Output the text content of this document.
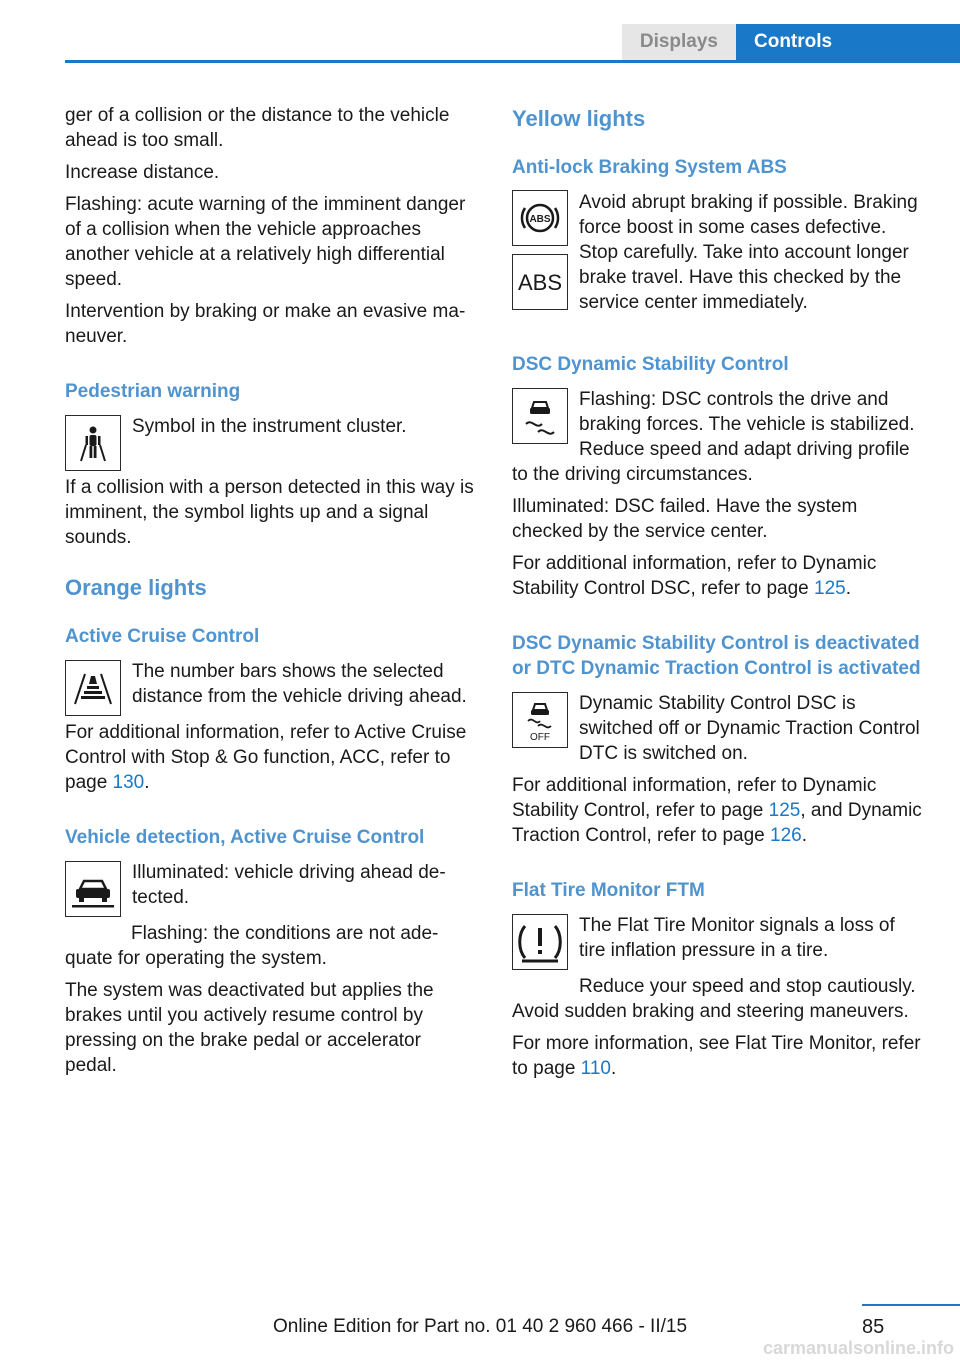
Displays	Controls

ger of a collision or the distance to the vehicle ahead is too small.

Increase distance.

Flashing: acute warning of the imminent danger of a collision when the vehicle approaches another vehicle at a relatively high differential speed.

Intervention by braking or make an evasive maneuver.

Pedestrian warning

Symbol in the instrument cluster.

If a collision with a person detected in this way is imminent, the symbol lights up and a signal sounds.

Orange lights
Active Cruise Control

The number bars shows the selected distance from the vehicle driving ahead.

For additional information, refer to Active Cruise Control with Stop & Go function, ACC, refer to page 130.

Vehicle detection, Active Cruise Control

Illuminated: vehicle driving ahead detected.

Flashing: the conditions are not adequate for operating the system.

The system was deactivated but applies the brakes until you actively resume control by pressing on the brake pedal or accelerator pedal.

Yellow lights
Anti-lock Braking System ABS
ABS
ABS

Avoid abrupt braking if possible. Braking force boost in some cases defective. Stop carefully. Take into account longer brake travel. Have this checked by the service center immediately.

DSC Dynamic Stability Control

Flashing: DSC controls the drive and braking forces. The vehicle is stabilized. Reduce speed and adapt driving profile to the driving circumstances.

Illuminated: DSC failed. Have the system checked by the service center.

For additional information, refer to Dynamic Stability Control DSC, refer to page 125.

DSC Dynamic Stability Control is deactivated or DTC Dynamic Traction Control is activated
OFF

Dynamic Stability Control DSC is switched off or Dynamic Traction Control DTC is switched on.

For additional information, refer to Dynamic Stability Control, refer to page 125, and Dynamic Traction Control, refer to page 126.

Flat Tire Monitor FTM

The Flat Tire Monitor signals a loss of tire inflation pressure in a tire.

Reduce your speed and stop cautiously. Avoid sudden braking and steering maneuvers.

For more information, see Flat Tire Monitor, refer to page 110.

85
Online Edition for Part no. 01 40 2 960 466 - II/15
carmanualsonline.info
